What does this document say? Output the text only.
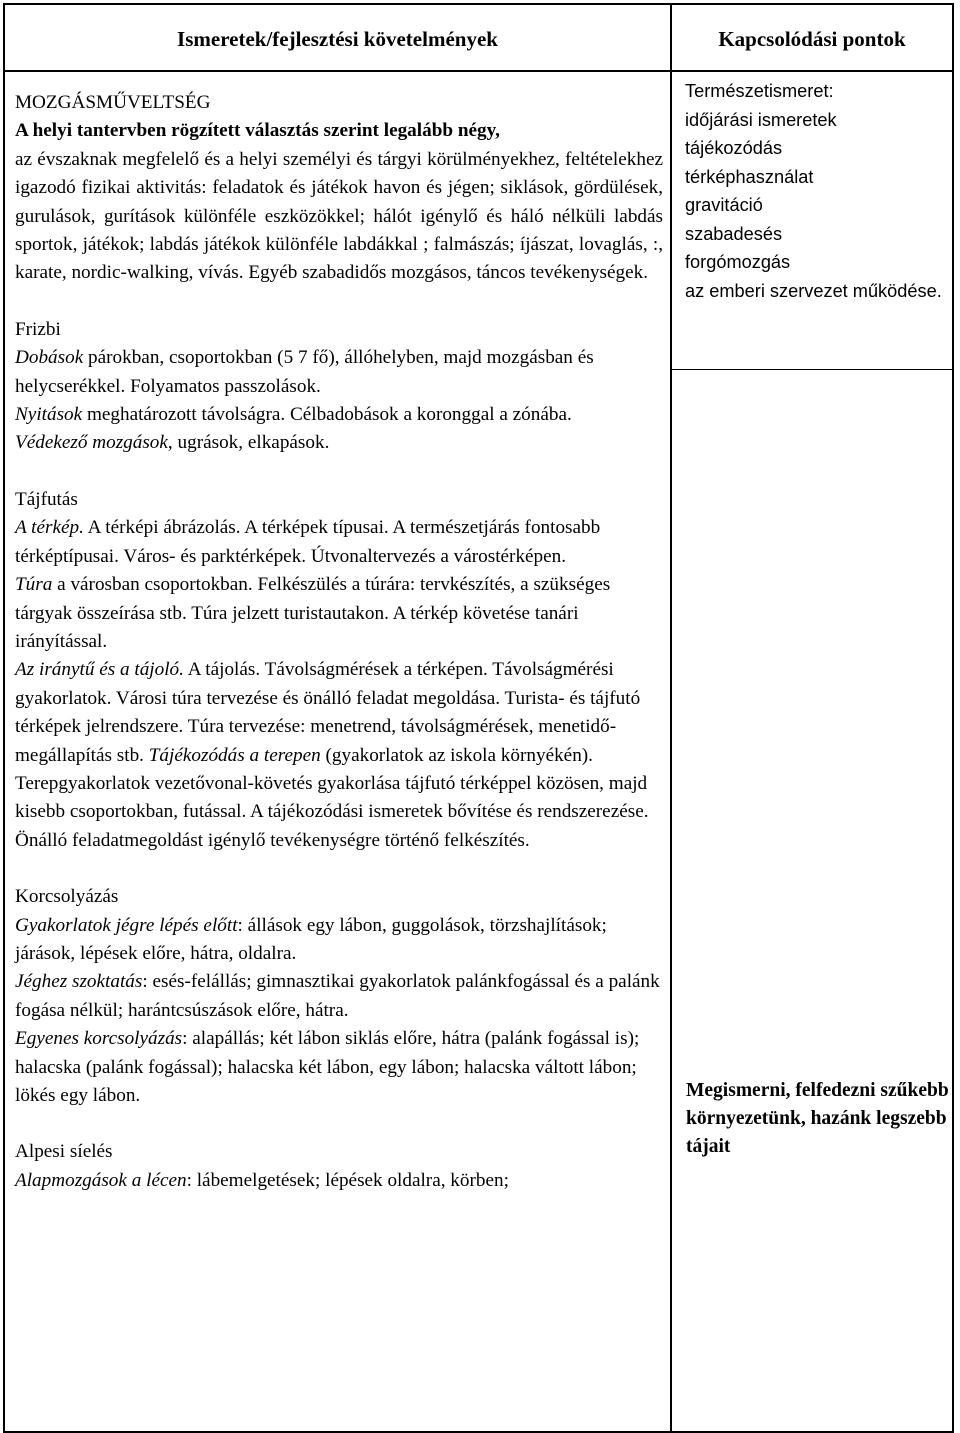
Ismeretek/fejlesztési követelmények	Kapcsolódási pontok
MOZGÁSMŰVELTSÉG
A helyi tantervben rögzített választás szerint legalább négy,
az évszaknak megfelelő és a helyi személyi és tárgyi körülményekhez, feltételekhez igazodó fizikai aktivitás: feladatok és játékok havon és jégen; siklások, gördülések, gurulások, gurítások különféle eszközökkel; hálót igénylő és háló nélküli labdás sportok, játékok; labdás játékok különféle labdákkal ; falmászás; íjászat, lovaglás, :, karate, nordic-walking, vívás. Egyéb szabadidős mozgásos, táncos tevékenységek.
Frizbi
Dobások párokban, csoportokban (5 7 fő), állóhelyben, majd mozgásban és helycserékkel. Folyamatos passzolások.
Nyitások meghatározott távolságra. Célbadobások a koronggal a zónába.
Védekező mozgások, ugrások, elkapások.
Tájfutás
A térkép. A térképi ábrázolás. A térképek típusai. A természetjárás fontosabb térképtípusai. Város- és parktérképek. Útvonaltervezés a várostérképen.
Túra a városban csoportokban. Felkészülés a túrára: tervkészítés, a szükséges tárgyak összeírása stb. Túra jelzett turistautakon. A térkép követése tanári irányítással.
Az iránytű és a tájoló. A tájolás. Távolságmérések a térképen. Távolságmérési gyakorlatok. Városi túra tervezése és önálló feladat megoldása. Turista- és tájfutó térképek jelrendszere. Túra tervezése: menetrend, távolságmérések, menetidő-megállapítás stb. Tájékozódás a terepen (gyakorlatok az iskola környékén). Terepgyakorlatok vezetővonal-követés gyakorlása tájfutó térképpel közösen, majd kisebb csoportokban, futással. A tájékozódási ismeretek bővítése és rendszerezése. Önálló feladatmegoldást igénylő tevékenységre történő felkészítés.
Korcsolyázás
Gyakorlatok jégre lépés előtt: állások egy lábon, guggolások, törzshajlítások; járások, lépések előre, hátra, oldalra.
Jéghez szoktatás: esés-felállás; gimnasztikai gyakorlatok palánkfogással és a palánk fogása nélkül; harántcsúszások előre, hátra.
Egyenes korcsolyázás: alapállás; két lábon siklás előre, hátra (palánk fogással is); halacska (palánk fogással); halacska két lábon, egy lábon; halacska váltott lábon; lökés egy lábon.
Alpesi síelés
Alapmozgások a lécen: lábemelgetések; lépések oldalra, körben;
Természetismeret:
időjárási ismeretek
tájékozódás
térképhasználat
gravitáció
szabadesés
forgómozgás
az emberi szervezet működése.
Megismerni, felfedezni szűkebb környezetünk, hazánk legszebb tájait
